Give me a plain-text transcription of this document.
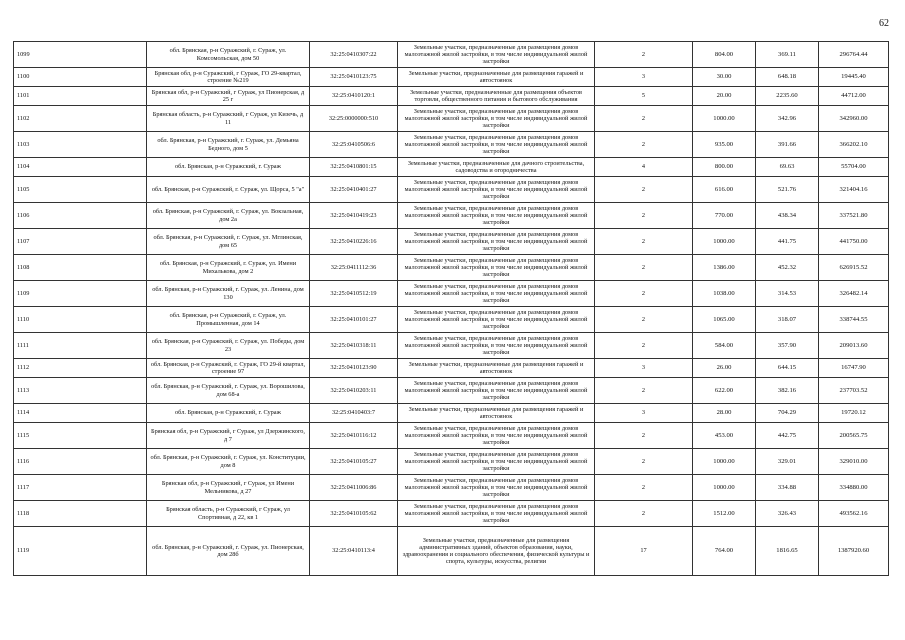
62
1099	обл. Брянская, р-н Суражский, г. Сураж, ул. Комсомольская, дом 50	32:25:0410307:22	Земельные участки, предназначенные для размещения домов малоэтажной жилой застройки, в том числе индивидуальной жилой застройки	2	804.00	369.11	296764.44
1100	Брянская обл, р-н Суражский, г Сураж, ГО 29-квартал, строение №219	32:25:0410123:75	Земельные участки, предназначенные для размещения гаражей и автостоянок	3	30.00	648.18	19445.40
1101	Брянская обл, р-н Суражский, г Сураж, ул Пионерская, д 25 г	32:25:0410120:1	Земельные участки, предназначенные для размещения объектов торговли, общественного питания и бытового обслуживания	5	20.00	2235.60	44712.00
1102	Брянская область, р-н Суражский, г Сураж, ул Кизечь, д 11	32:25:0000000:510	Земельные участки, предназначенные для размещения домов малоэтажной жилой застройки, в том числе индивидуальной жилой застройки	2	1000.00	342.96	342960.00
1103	обл. Брянская, р-н Суражский, г. Сураж, ул. Демьяна Бедного, дом 5	32:25:0410506:6	Земельные участки, предназначенные для размещения домов малоэтажной жилой застройки, в том числе индивидуальной жилой застройки	2	935.00	391.66	366202.10
1104	обл. Брянская, р-н Суражский, г. Сураж	32:25:0410801:15	Земельные участки, предназначенные для дачного строительства, садоводства и огородничества	4	800.00	69.63	55704.00
1105	обл. Брянская, р-н Суражский, г. Сураж, ул. Щорса, 5 "а"	32:25:0410401:27	Земельные участки, предназначенные для размещения домов малоэтажной жилой застройки, в том числе индивидуальной жилой застройки	2	616.00	521.76	321404.16
1106	обл. Брянская, р-н Суражский, г. Сураж, ул. Вокзальная, дом 2а	32:25:0410419:23	Земельные участки, предназначенные для размещения домов малоэтажной жилой застройки, в том числе индивидуальной жилой застройки	2	770.00	438.34	337521.80
1107	обл. Брянская, р-н Суражский, г. Сураж, ул. Мглинская, дом 65	32:25:0410226:16	Земельные участки, предназначенные для размещения домов малоэтажной жилой застройки, в том числе индивидуальной жилой застройки	2	1000.00	441.75	441750.00
1108	обл. Брянская, р-н Суражский, г. Сураж, ул. Имени Михалькова, дом 2	32:25:0411112:36	Земельные участки, предназначенные для размещения домов малоэтажной жилой застройки, в том числе индивидуальной жилой застройки	2	1386.00	452.32	626915.52
1109	обл. Брянская, р-н Суражский, г. Сураж, ул. Ленина, дом 130	32:25:0410512:19	Земельные участки, предназначенные для размещения домов малоэтажной жилой застройки, в том числе индивидуальной жилой застройки	2	1038.00	314.53	326482.14
1110	обл. Брянская, р-н Суражский, г. Сураж, ул. Промышленная, дом 14	32:25:0410101:27	Земельные участки, предназначенные для размещения домов малоэтажной жилой застройки, в том числе индивидуальной жилой застройки	2	1065.00	318.07	338744.55
1111	обл. Брянская, р-н Суражский, г. Сураж, ул. Победы, дом 23	32:25:0410318:11	Земельные участки, предназначенные для размещения домов малоэтажной жилой застройки, в том числе индивидуальной жилой застройки	2	584.00	357.90	209013.60
1112	обл. Брянская, р-н Суражский, г. Сураж, ГО 29-й квартал, строение 97	32:25:0410123:90	Земельные участки, предназначенные для размещения гаражей и автостоянок	3	26.00	644.15	16747.90
1113	обл. Брянская, р-н Суражский, г. Сураж, ул. Ворошилова, дом 68-а	32:25:0410203:11	Земельные участки, предназначенные для размещения домов малоэтажной жилой застройки, в том числе индивидуальной жилой застройки	2	622.00	382.16	237703.52
1114	обл. Брянская, р-н Суражский, г. Сураж	32:25:0410403:7	Земельные участки, предназначенные для размещения гаражей и автостоянок	3	28.00	704.29	19720.12
1115	Брянская обл, р-н Суражский, г Сураж, ул Дзержинского, д 7	32:25:0410116:12	Земельные участки, предназначенные для размещения домов малоэтажной жилой застройки, в том числе индивидуальной жилой застройки	2	453.00	442.75	200565.75
1116	обл. Брянская, р-н Суражский, г. Сураж, ул. Конституции, дом 8	32:25:0410105:27	Земельные участки, предназначенные для размещения домов малоэтажной жилой застройки, в том числе индивидуальной жилой застройки	2	1000.00	329.01	329010.00
1117	Брянская обл, р-н Суражский, г Сураж, ул Имени Мельникова, д 27	32:25:0411006:86	Земельные участки, предназначенные для размещения домов малоэтажной жилой застройки, в том числе индивидуальной жилой застройки	2	1000.00	334.88	334880.00
1118	Брянская область, р-н Суражский, г Сураж, ул Спортивная, д 22, кв 1	32:25:0410105:62	Земельные участки, предназначенные для размещения домов малоэтажной жилой застройки, в том числе индивидуальной жилой застройки	2	1512.00	326.43	493562.16
1119	обл. Брянская, р-н Суражский, г. Сураж, ул. Пионерская, дом 28б	32:25:0410113:4	Земельные участки, предназначенные для размещения административных зданий, объектов образования, науки, здравоохранения и социального обеспечения, физической культуры и спорта, культуры, искусства, религии	17	764.00	1816.65	1387920.60
